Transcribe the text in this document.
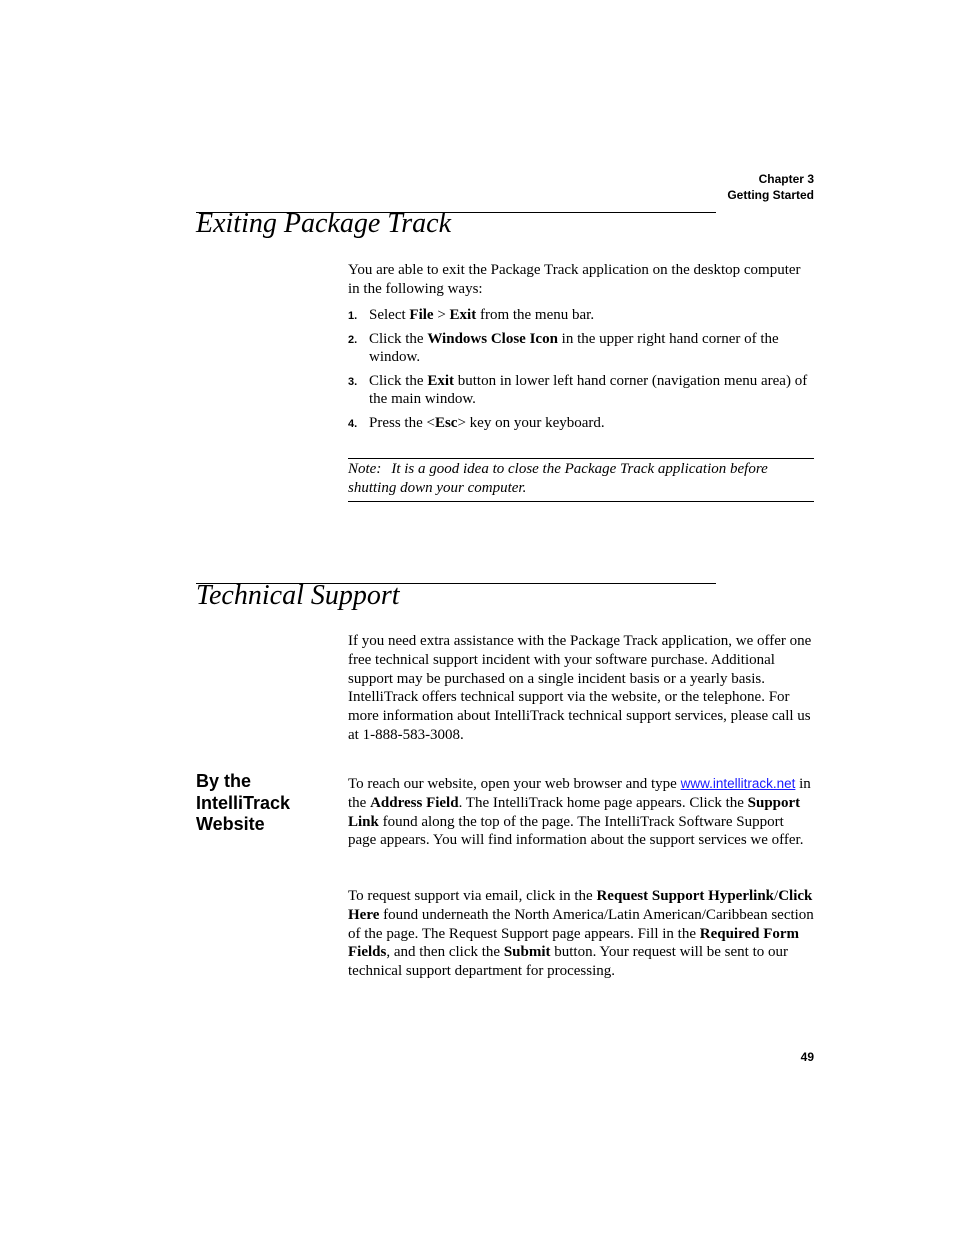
Chapter 3
Getting Started
Exiting Package Track

You are able to exit the Package Track application on the desktop computer in the following ways:

1. Select File > Exit from the menu bar.
2. Click the Windows Close Icon in the upper right hand corner of the window.
3. Click the Exit button in lower left hand corner (navigation menu area) of the main window.
4. Press the <Esc> key on your keyboard.
Note: It is a good idea to close the Package Track application before shutting down your computer.
Technical Support

If you need extra assistance with the Package Track application, we offer one free technical support incident with your software purchase. Additional support may be purchased on a single incident basis or a yearly basis. IntelliTrack offers technical support via the website, or the telephone. For more information about IntelliTrack technical support services, please call us at 1-888-583-3008.

By the IntelliTrack Website

To reach our website, open your web browser and type www.intellitrack.net in the Address Field. The IntelliTrack home page appears. Click the Support Link found along the top of the page. The IntelliTrack Software Support page appears. You will find information about the support services we offer.

To request support via email, click in the Request Support Hyperlink/Click Here found underneath the North America/Latin American/Caribbean section of the page. The Request Support page appears. Fill in the Required Form Fields, and then click the Submit button. Your request will be sent to our technical support department for processing.

49
